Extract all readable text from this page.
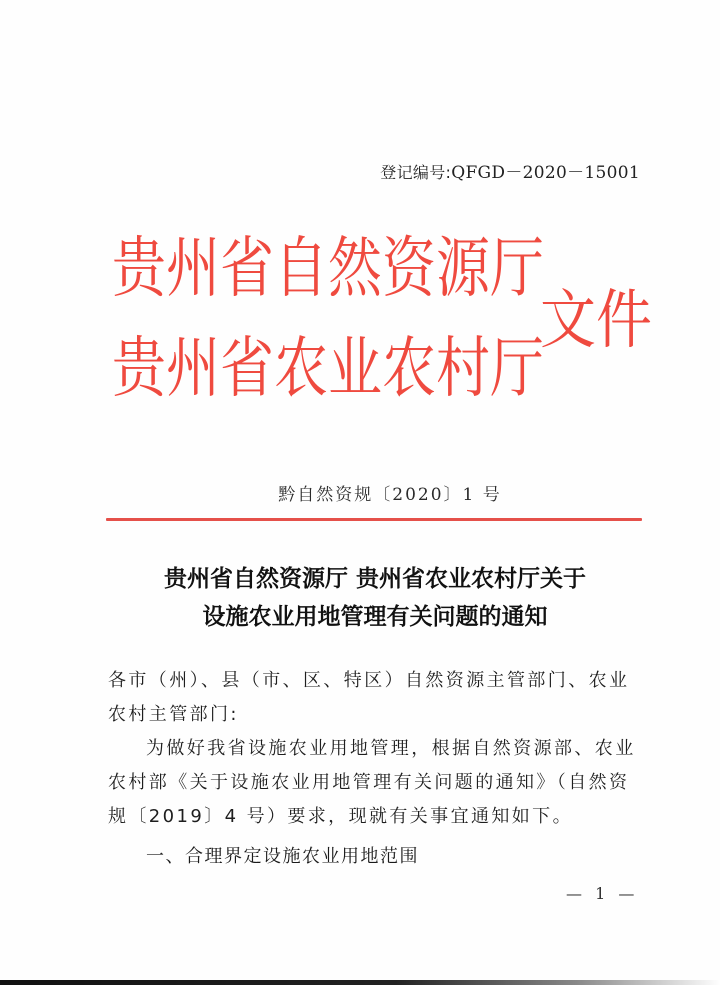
登记编号:QFGD－2020－15001
贵州省自然资源厅
贵州省农业农村厅
文件
黔自然资规〔2020〕1 号
贵州省自然资源厅 贵州省农业农村厅关于
设施农业用地管理有关问题的通知
各市（州）、县（市、区、特区）自然资源主管部门、农业农村主管部门:
为做好我省设施农业用地管理，根据自然资源部、农业农村部《关于设施农业用地管理有关问题的通知》（自然资规〔2019〕4 号）要求，现就有关事宜通知如下。
一、合理界定设施农业用地范围
— 1 —
